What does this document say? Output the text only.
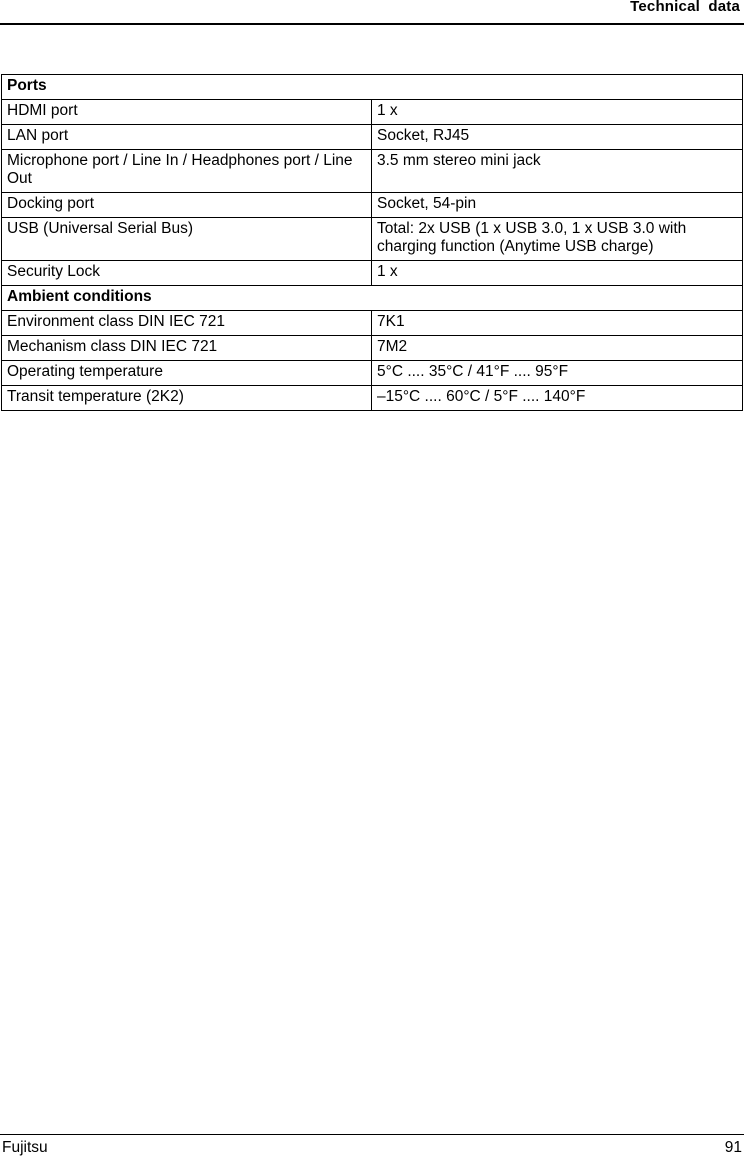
Technical data
Ports	
HDMI port	1 x
LAN port	Socket, RJ45
Microphone port / Line In / Headphones port / Line Out	3.5 mm stereo mini jack
Docking port	Socket, 54-pin
USB (Universal Serial Bus)	Total: 2x USB (1 x USB 3.0, 1 x USB 3.0 with charging function (Anytime USB charge)
Security Lock	1 x
Ambient conditions	
Environment class DIN IEC 721	7K1
Mechanism class DIN IEC 721	7M2
Operating temperature	5°C .... 35°C / 41°F .... 95°F
Transit temperature (2K2)	–15°C .... 60°C / 5°F .... 140°F
Fujitsu	91
